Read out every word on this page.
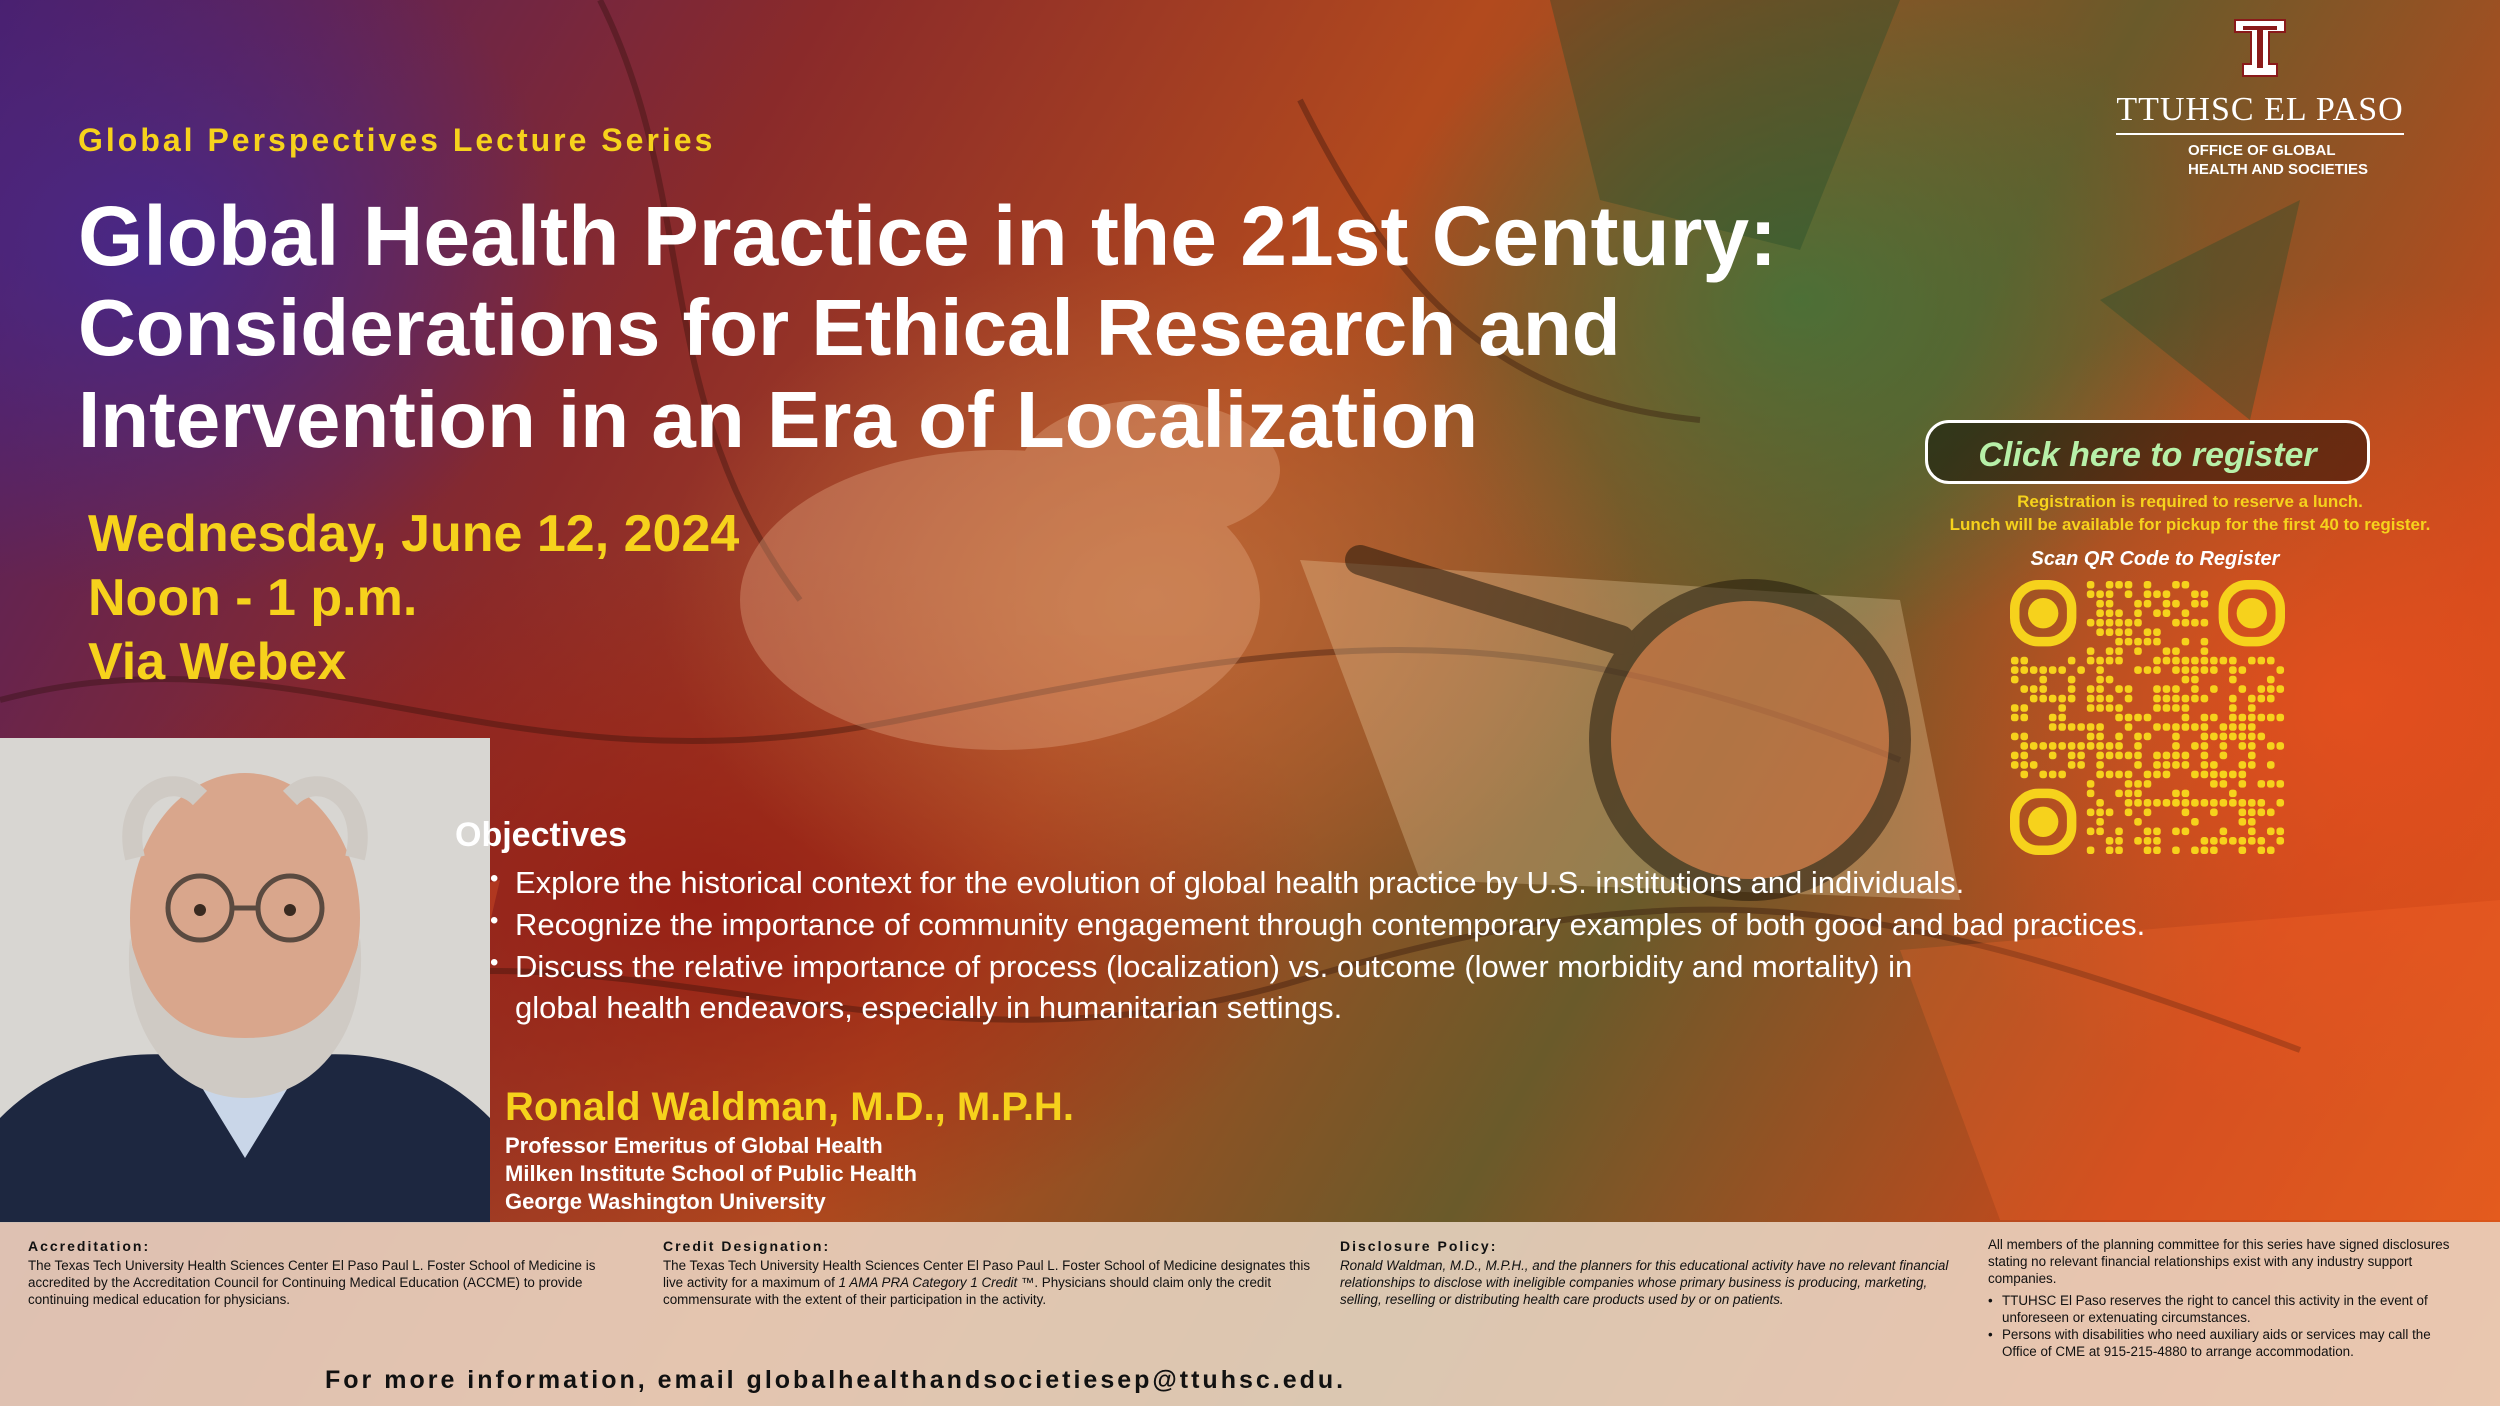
Global Perspectives Lecture Series
Global Health Practice in the 21st Century:
Considerations for Ethical Research and
Intervention in an Era of Localization
Wednesday, June 12, 2024
Noon - 1 p.m.
Via Webex
TTUHSC EL PASO
OFFICE OF GLOBAL
HEALTH AND SOCIETIES
Click here to register
Registration is required to reserve a lunch.
Lunch will be available for pickup for the first 40 to register.
Scan QR Code to Register
Objectives
• Explore the historical context for the evolution of global health practice by U.S. institutions and individuals.
• Recognize the importance of community engagement through contemporary examples of both good and bad practices.
• Discuss the relative importance of process (localization) vs. outcome (lower morbidity and mortality) in global health endeavors, especially in humanitarian settings.
Ronald Waldman, M.D., M.P.H.
Professor Emeritus of Global Health
Milken Institute School of Public Health
George Washington University
Accreditation:
The Texas Tech University Health Sciences Center El Paso Paul L. Foster School of Medicine is accredited by the Accreditation Council for Continuing Medical Education (ACCME) to provide continuing medical education for physicians.
Credit Designation:
The Texas Tech University Health Sciences Center El Paso Paul L. Foster School of Medicine designates this live activity for a maximum of 1 AMA PRA Category 1 Credit ™. Physicians should claim only the credit commensurate with the extent of their participation in the activity.
Disclosure Policy:
Ronald Waldman, M.D., M.P.H., and the planners for this educational activity have no relevant financial relationships to disclose with ineligible companies whose primary business is producing, marketing, selling, reselling or distributing health care products used by or on patients.
All members of the planning committee for this series have signed disclosures stating no relevant financial relationships exist with any industry support companies.
• TTUHSC El Paso reserves the right to cancel this activity in the event of unforeseen or extenuating circumstances.
• Persons with disabilities who need auxiliary aids or services may call the Office of CME at 915-215-4880 to arrange accommodation.
For more information, email globalhealthandsocietiesep@ttuhsc.edu.
